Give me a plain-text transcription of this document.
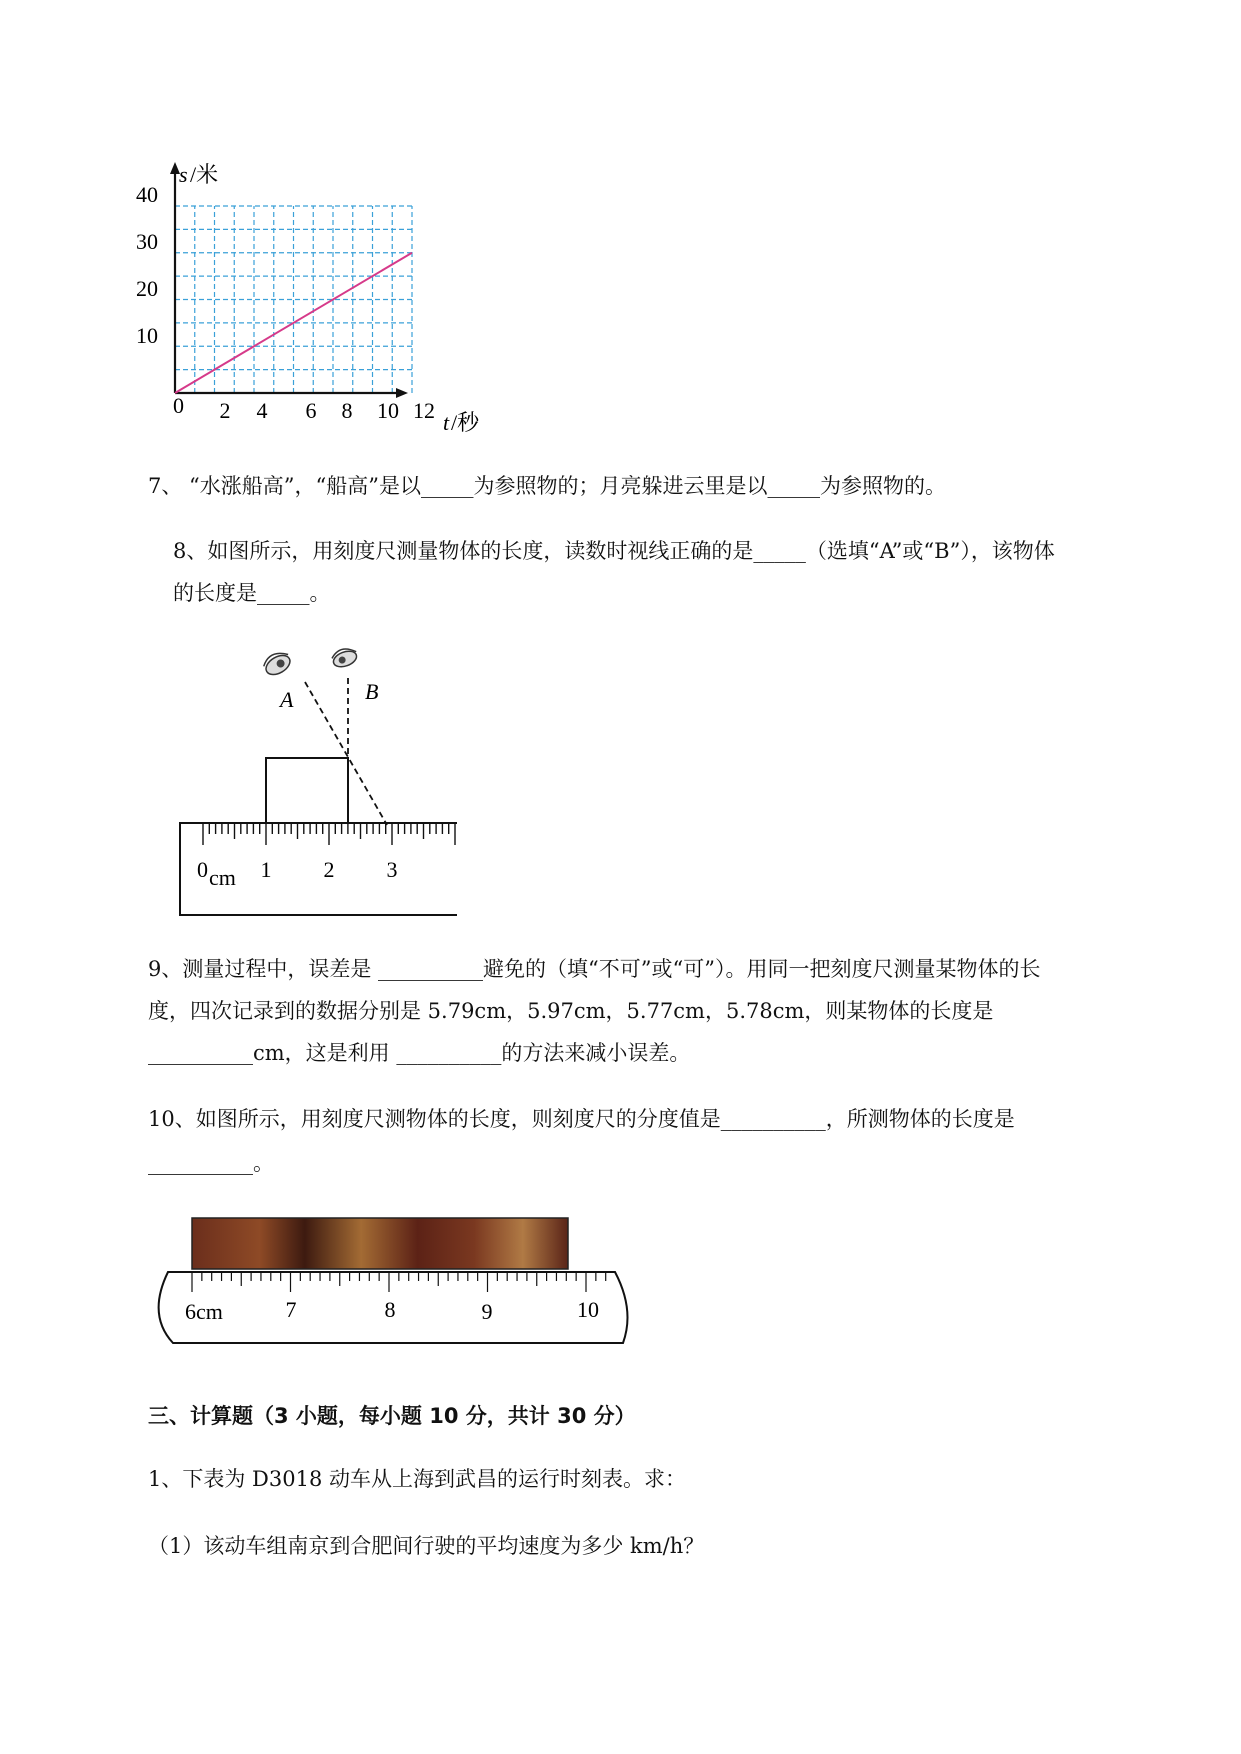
s /米
40
30
20
10
0 2 4 6 8 10 12 t /秒
7、 “水涨船高”，“船高”是以_____为参照物的；月亮躲进云里是以_____为参照物的。
8、如图所示，用刻度尺测量物体的长度，读数时视线正确的是_____（选填“A”或“B”），该物体
的长度是_____。
A	B
0 cm 1 2 3
9、测量过程中，误差是 __________避免的（填“不可”或“可”）。用同一把刻度尺测量某物体的长
度，四次记录到的数据分别是 5.79cm，5.97cm，5.77cm，5.78cm，则某物体的长度是
__________cm，这是利用 __________的方法来减小误差。
10、如图所示，用刻度尺测物体的长度，则刻度尺的分度值是__________，所测物体的长度是
__________。
6cm	7	8	9	10
三、计算题（3 小题，每小题 10 分，共计 30 分）
1、下表为 D3018 动车从上海到武昌的运行时刻表。求：
（1）该动车组南京到合肥间行驶的平均速度为多少 km/h？
